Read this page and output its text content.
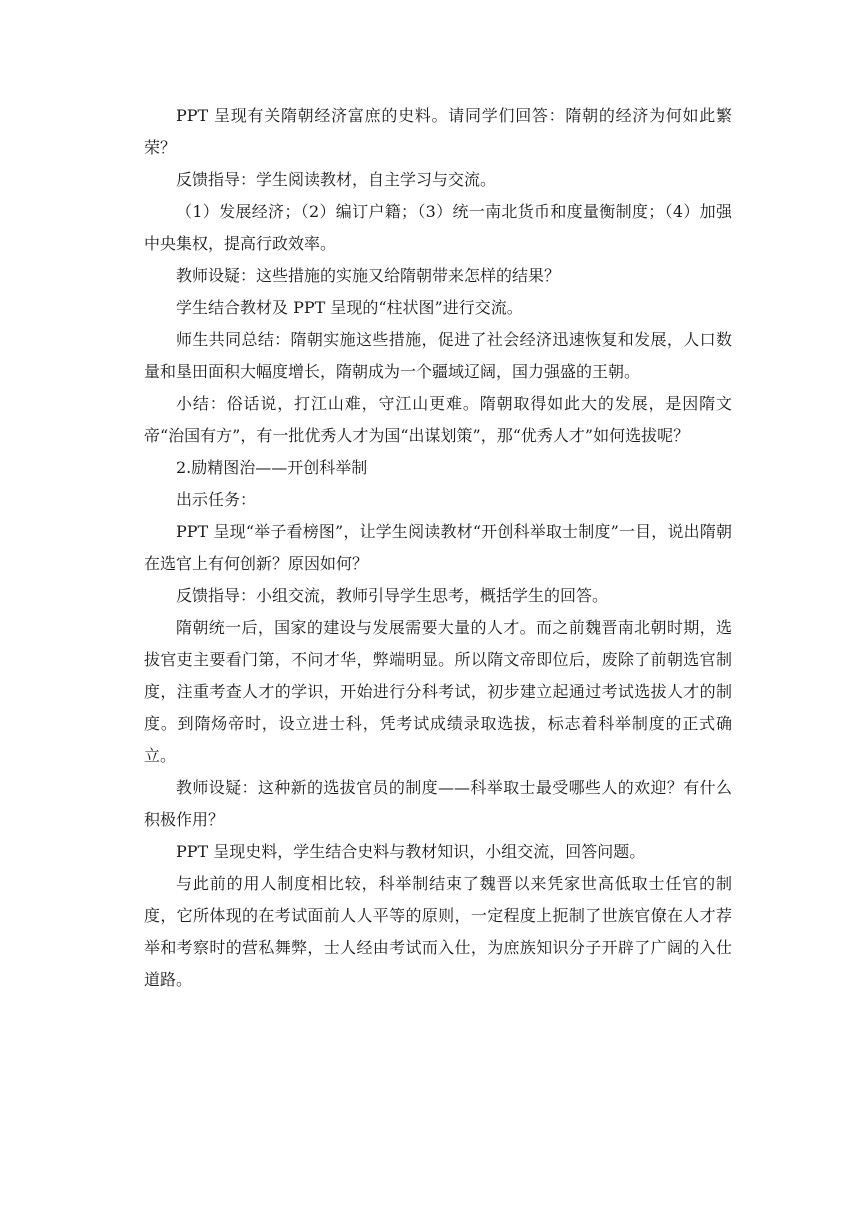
PPT 呈现有关隋朝经济富庶的史料。请同学们回答：隋朝的经济为何如此繁荣？

反馈指导：学生阅读教材，自主学习与交流。

（1）发展经济；（2）编订户籍；（3）统一南北货币和度量衡制度；（4）加强中央集权，提高行政效率。

教师设疑：这些措施的实施又给隋朝带来怎样的结果？

学生结合教材及 PPT 呈现的“柱状图”进行交流。

师生共同总结：隋朝实施这些措施，促进了社会经济迅速恢复和发展，人口数量和垦田面积大幅度增长，隋朝成为一个疆域辽阔，国力强盛的王朝。

小结：俗话说，打江山难，守江山更难。隋朝取得如此大的发展，是因隋文帝“治国有方”，有一批优秀人才为国“出谋划策”，那“优秀人才”如何选拔呢？

2.励精图治——开创科举制

出示任务：

PPT 呈现“举子看榜图”，让学生阅读教材“开创科举取士制度”一目，说出隋朝在选官上有何创新？原因如何？

反馈指导：小组交流，教师引导学生思考，概括学生的回答。

隋朝统一后，国家的建设与发展需要大量的人才。而之前魏晋南北朝时期，选拔官吏主要看门第，不问才华，弊端明显。所以隋文帝即位后，废除了前朝选官制度，注重考查人才的学识，开始进行分科考试，初步建立起通过考试选拔人才的制度。到隋炀帝时，设立进士科，凭考试成绩录取选拔，标志着科举制度的正式确立。

教师设疑：这种新的选拔官员的制度——科举取士最受哪些人的欢迎？有什么积极作用？

PPT 呈现史料，学生结合史料与教材知识，小组交流，回答问题。

与此前的用人制度相比较，科举制结束了魏晋以来凭家世高低取士任官的制度，它所体现的在考试面前人人平等的原则，一定程度上扼制了世族官僚在人才荐举和考察时的营私舞弊，士人经由考试而入仕，为庶族知识分子开辟了广阔的入仕道路。
